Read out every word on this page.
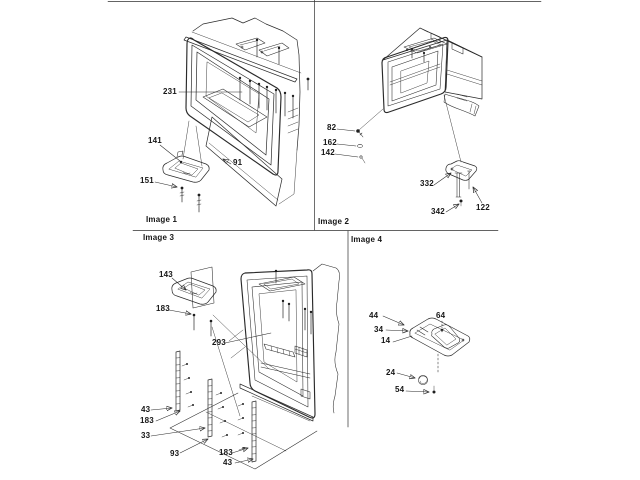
231
141
151
91
Image 1
82
162
142
332
342	122
Image 2
Image 3
143
183
293
43
183
33
93	183
43
Image 4
44
34
14
64
24
54
